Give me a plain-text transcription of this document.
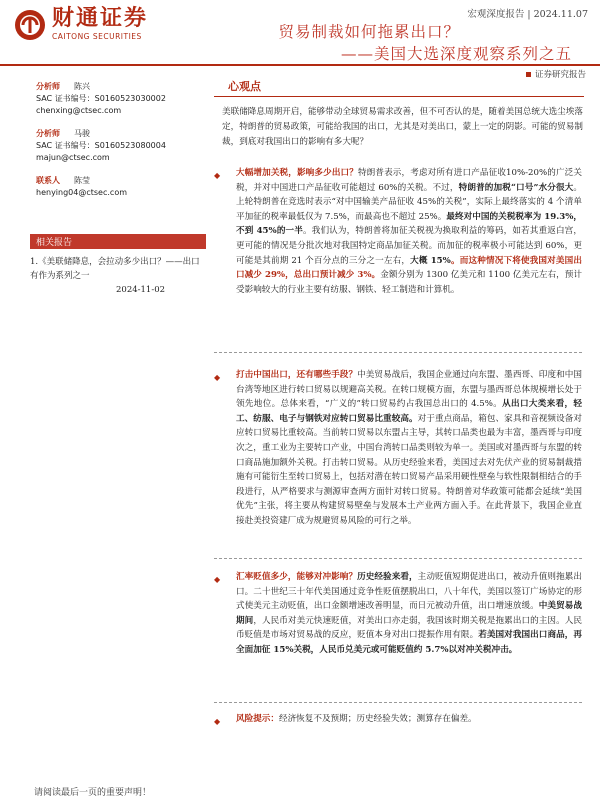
财通证券
CAITONG SECURITIES
宏观深度报告 | 2024.11.07
贸易制裁如何拖累出口？
——美国大选深度观察系列之五
证券研究报告
分析师 陈兴
SAC 证书编号：S0160523030002
chenxing@ctsec.com
分析师 马骏
SAC 证书编号：S0160523080004
majun@ctsec.com
联系人 陈莹
henying04@ctsec.com
相关报告
1.《美联储降息，会拉动多少出口？——出口有作为系列之一
2024-11-02
心观点
美联储降息周期开启，能够带动全球贸易需求改善，但不可否认的是，随着美国总统大选尘埃落定，特朗普的贸易政策，可能给我国的出口，尤其是对美出口，蒙上一定的阴影。可能的贸易制裁，到底对我国出口的影响有多大呢？
◆ 大幅增加关税，影响多少出口？特朗普表示，考虑对所有进口产品征收10%-20%的广泛关税，并对中国进口产品征收可能超过 60%的关税。不过，特朗普的加税“口号”水分很大。上轮特朗普在竞选时表示“对中国输美产品征收 45%的关税”，实际上最终落实的 4 个清单平加征的税率最低仅为 7.5%，而最高也不超过 25%。最终对中国的关税税率为 19.3%，不到 45%的一半。我们认为，特朗普将加征关税视为换取利益的筹码，如若其重返白宫，更可能的情况是分批次地对我国特定商品加征关税。而加征的税率极小可能达到 60%，更可能是其前期 21 个百分点的三分之一左右，大概 15%。而这种情况下将使我国对美国出口减少 29%，总出口预计减少 3%。金额分别为 1300 亿美元和 1100 亿美元左右，预计受影响较大的行业主要有纺服、钢铁、轻工制造和计算机。

◆ 打击中国出口，还有哪些手段？中美贸易战后，我国企业通过向东盟、墨西哥、印度和中国台湾等地区进行转口贸易以规避高关税。在转口规模方面，东盟与墨西哥总体规模增长处于领先地位。总体来看，“广义的”转口贸易约占我国总出口的 4.5%。从出口大类来看，轻工、纺服、电子与钢铁对应转口贸易比重较高。对于重点商品，箱包、家具和音视频设备对应转口贸易比重较高。当前转口贸易以东盟占主导，其转口品类也最为丰富，墨西哥与印度次之，重工业为主要转口产业，中国台湾转口品类则较为单一。美国或对墨西哥与东盟的转口商品施加额外关税。打击转口贸易。从历史经验来看，美国过去对先伏产业的贸易制裁措施有可能衍生至转口贸易上，包括对潜在转口贸易产品采用硬性壁垒与软性限制相结合的手段进行，从严格要求与测源审查两方面针对转口贸易。特朗普对华政策可能都会延续“美国优先”主张，将主要从构建贸易壁垒与发展本土产业两方面入手。在此背景下，我国企业直接赴美投资建厂成为规避贸易风险的可行之举。

◆ 汇率贬值多少，能够对冲影响？历史经验来看，主动贬值短期促进出口，被动升值则拖累出口。二十世纪三十年代美国通过竞争性贬值摆脱出口，八十年代，美国以签订广场协定的形式使美元主动贬值，出口金额增速改善明显，而日元被动升值，出口增速放缓。中美贸易战期间，人民币对美元快速贬值，对美出口亦走弱，我国该时期关税是拖累出口的主因。人民币贬值是市场对贸易战的反应，贬值本身对出口提振作用有限。若美国对我国出口商品，再全面加征 15%关税，人民币兑美元或可能贬值约 5.7%以对冲关税冲击。

◆ 风险提示：经济恢复不及预期；历史经验失效；测算存在偏差。

请阅读最后一页的重要声明！
